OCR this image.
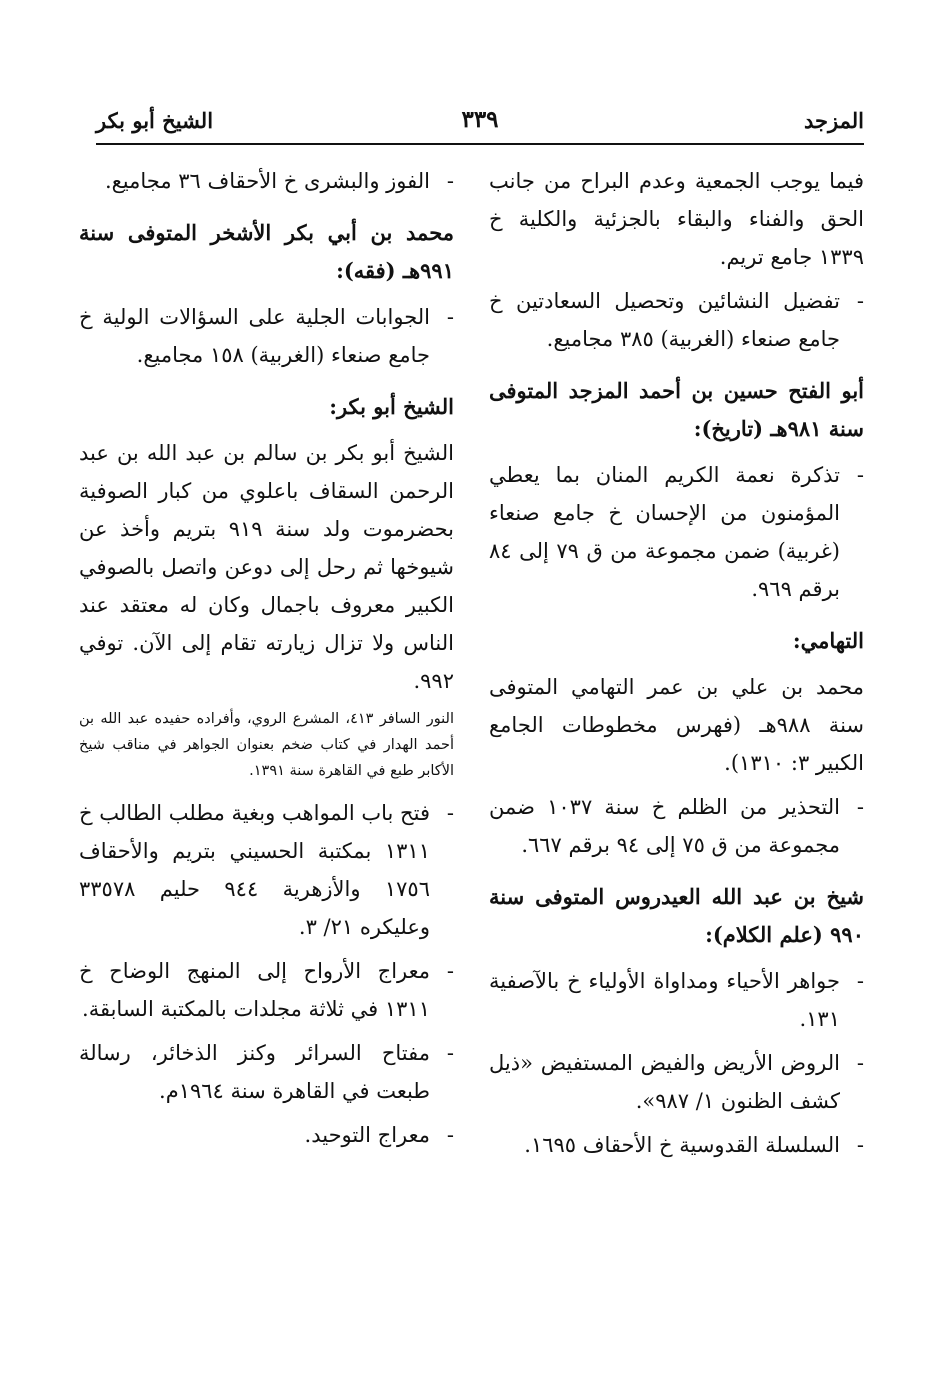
المزجد
٣٣٩
الشيخ أبو بكر

فيما يوجب الجمعية وعدم البراح من جانب الحق والفناء والبقاء بالجزئية والكلية خ ١٣٣٩ جامع تريم.

-
تفضيل النشائين وتحصيل السعادتين خ جامع صنعاء (الغربية) ٣٨٥ مجاميع.
أبو الفتح حسين بن أحمد المزجد المتوفى سنة ٩٨١هـ (تاريخ):
-
تذكرة نعمة الكريم المنان بما يعطي المؤمنون من الإحسان خ جامع صنعاء (غربية) ضمن مجموعة من ق ٧٩ إلى ٨٤ برقم ٩٦٩.
التهامي:

محمد بن علي بن عمر التهامي المتوفى سنة ٩٨٨هـ (فهرس مخطوطات الجامع الكبير ٣: ١٣١٠).

-
التحذير من الظلم خ سنة ١٠٣٧ ضمن مجموعة من ق ٧٥ إلى ٩٤ برقم ٦٦٧.
شيخ بن عبد الله العيدروس المتوفى سنة ٩٩٠ (علم الكلام):
-
جواهر الأحياء ومداواة الأولياء خ بالآصفية ١٣١.
-
الروض الأريض والفيض المستفيض «ذيل كشف الظنون ١/ ٩٨٧».
-
السلسلة القدوسية خ الأحقاف ١٦٩٥.
-
الفوز والبشرى خ الأحقاف ٣٦ مجاميع.
محمد بن أبي بكر الأشخر المتوفى سنة ٩٩١هـ (فقه):
-
الجوابات الجلية على السؤالات الولية خ جامع صنعاء (الغربية) ١٥٨ مجاميع.
الشيخ أبو بكر:

الشيخ أبو بكر بن سالم بن عبد الله بن عبد الرحمن السقاف باعلوي من كبار الصوفية بحضرموت ولد سنة ٩١٩ بتريم وأخذ عن شيوخها ثم رحل إلى دوعن واتصل بالصوفي الكبير معروف باجمال وكان له معتقد عند الناس ولا تزال زيارته تقام إلى الآن. توفي ٩٩٢.

النور السافر ٤١٣، المشرع الروي، وأفراده حفيده عبد الله بن أحمد الهدار في كتاب ضخم بعنوان الجواهر في مناقب شيخ الأكابر طبع في القاهرة سنة ١٣٩١.

-
فتح باب المواهب وبغية مطلب الطالب خ ١٣١١ بمكتبة الحسيني بتريم والأحقاف ١٧٥٦ والأزهرية ٩٤٤ حليم ٣٣٥٧٨ وعليكره ٢١/ ٣.
-
معراج الأرواح إلى المنهج الوضاح خ ١٣١١ في ثلاثة مجلدات بالمكتبة السابقة.
-
مفتاح السرائر وكنز الذخائر، رسالة طبعت في القاهرة سنة ١٩٦٤م.
-
معراج التوحيد.
